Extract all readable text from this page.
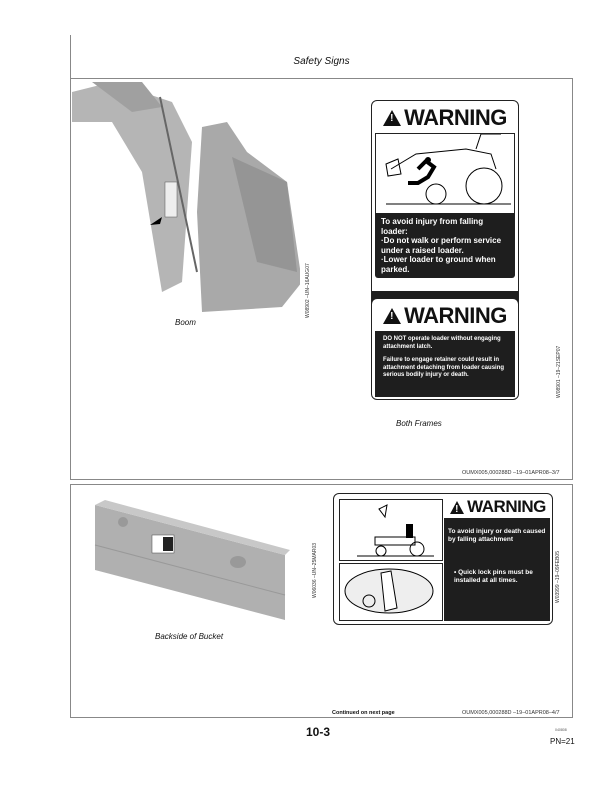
Safety Signs
Boom
W08902 –UN–16AUG07
!
WARNING
To avoid injury from falling loader:
·Do not walk or perform service under a raised loader.
·Lower loader to ground when parked.
!
WARNING
DO NOT operate loader without engaging attachment latch.
Failure to engage retainer could result in attachment detaching from loader causing serious bodily injury or death.	W08901 –19–21SEP07
Both Frames
OUMX005,000288D –19–01APR08–3/7
Backside of Bucket
W06036 –UN–25MAR03
!
WARNING
To avoid injury or death caused by falling attachment
• Quick lock pins must be installed at all times.	W03999 –19–09FEB05
Continued on next page	OUMX005,000288D –19–01APR08–4/7
10-3	040808
PN=21
